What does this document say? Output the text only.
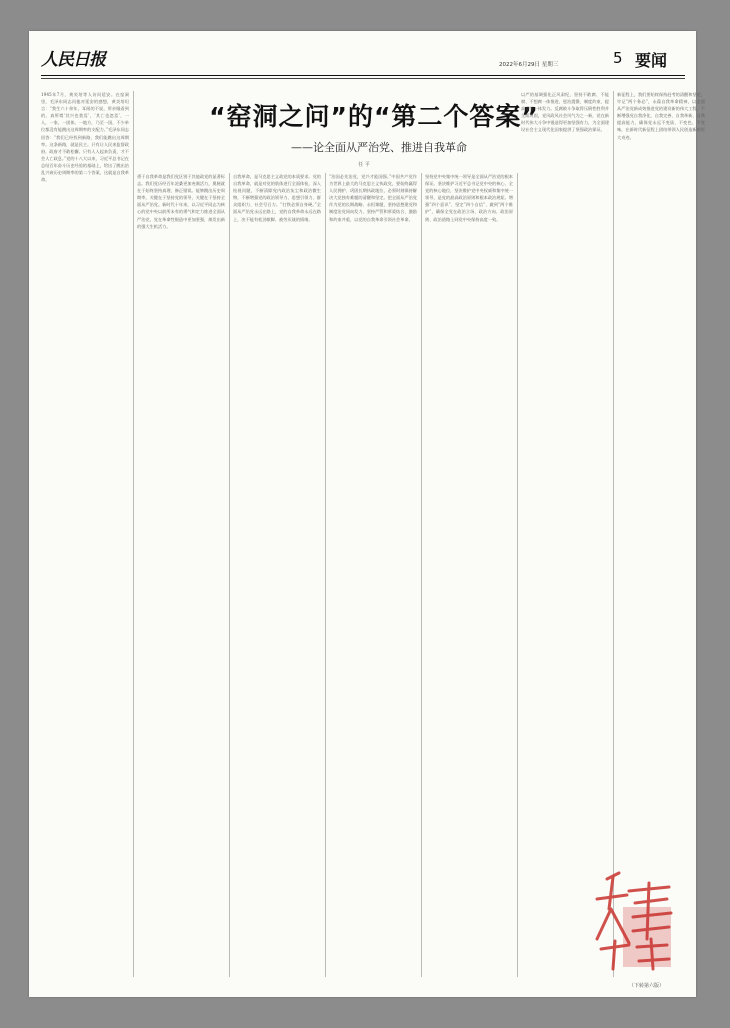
人民日报	2022年6月29日 星期三	5 要闻
“窑洞之问”的“第二个答案”
——论全面从严治党、推进自我革命
任 平
1945年7月，黄炎培等人访问延安。在窑洞里，毛泽东同志问他对延安的感想，黄炎培坦言：“我生六十余年，耳闻的不说，所亲眼看到的，真所谓‘其兴也勃焉’，‘其亡也忽焉’，一人，一家，一团体，一地方，乃至一国，不少单位都没有能跳出这周期率的支配力。”毛泽东同志回答：“我们已经找到新路，我们能跳出这周期率。这条新路，就是民主。只有让人民来监督政府，政府才不敢松懈。只有人人起来负责，才不会人亡政息。”党的十八大以来，习近平总书记在总结百年奋斗历史经验的基础上，给出了跳出治乱兴衰历史周期率的第二个答案，这就是自我革命。
勇于自我革命是我们党区别于其他政党的显著标志。我们党历经百年沧桑更加充满活力，奥秘就在于始终坚持真理、修正错误。能够跳出历史周期率，关键在于坚持党的领导，关键在于坚持全面从严治党。新时代十年来，以习近平同志为核心的党中央以前所未有的勇气和定力推进全面从严治党，党在革命性锻造中更加坚强，焕发出新的强大生机活力。
自我革命，是马克思主义政党的本质要求。党的自我革命，就是对党的肌体进行全面体检，深入检视问题，不断清除党内政治灰尘和政治微生物，不断增强党的政治领导力、思想引领力、群众组织力、社会号召力。“打铁必须自身硬。”全面从严治党永远在路上，党的自我革命永远在路上，决不能有松劲歇脚、疲劳厌战的情绪。
“治国必先治党，党兴才能国强。”中国共产党作为世界上最大的马克思主义执政党，要始终赢得人民拥护、巩固长期执政地位，必须时刻保持解决大党独有难题的清醒和坚定。把全面从严治党作为党的长期战略、永恒课题，坚持思想建党和制度治党同向发力，坚持严管和厚爱结合、激励和约束并重，以党的自我革命引领社会革命。
坚持党中央集中统一领导是全面从严治党的根本保证。坚决维护习近平总书记党中央的核心、全党的核心地位，坚决维护党中央权威和集中统一领导，是党的最高政治原则和根本政治规矩。增强“四个意识”、坚定“四个自信”、做到“两个维护”，确保全党在政治立场、政治方向、政治原则、政治道路上同党中央保持高度一致。
以严的基调强化正风肃纪，坚持不敢腐、不能腐、不想腐一体推进，惩治震慑、制度约束、提高觉悟一体发力。反腐败斗争取得压倒性胜利并全面巩固，党风政风社会风气为之一新，党在新时代伟大斗争中锻造得更加坚强有力，为全面建设社会主义现代化国家提供了坚强政治保证。
新征程上，我们要始终保持赶考的清醒和坚定，牢记“两个务必”，永葆自我革命精神，以全面从严治党新成效推进党的建设新的伟大工程，不断增强党自我净化、自我完善、自我革新、自我提高能力，确保党永远不变质、不变色、不变味，在新时代新征程上团结带领人民创造新的更大奇迹。
（下转第六版）
